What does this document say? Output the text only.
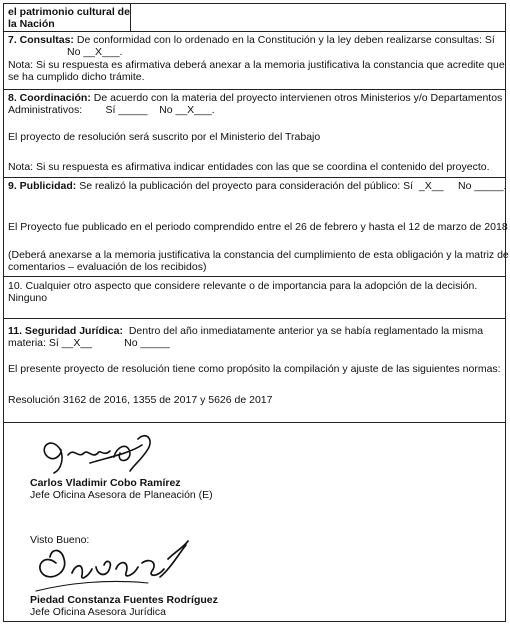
el patrimonio cultural de
la Nación
7. Consultas: De conformidad con lo ordenado en la Constitución y la ley deben realizarse consultas: Sí
No __X___.
Nota: Si su respuesta es afirmativa deberá anexar a la memoria justificativa la constancia que acredite que
se ha cumplido dicho trámite.
8. Coordinación: De acuerdo con la materia del proyecto intervienen otros Ministerios y/o Departamentos
Administrativos:        Sí _____    No __X___.
El proyecto de resolución será suscrito por el Ministerio del Trabajo
Nota: Si su respuesta es afirmativa indicar entidades con las que se coordina el contenido del proyecto.
9. Publicidad: Se realizó la publicación del proyecto para consideración del público: Sí  _X__     No _____.
El Proyecto fue publicado en el periodo comprendido entre el 26 de febrero y hasta el 12 de marzo de 2018
(Deberá anexarse a la memoria justificativa la constancia del cumplimiento de esta obligación y la matriz de
comentarios – evaluación de los recibidos)
10. Cualquier otro aspecto que considere relevante o de importancia para la adopción de la decisión.
Ninguno
11. Seguridad Jurídica: Dentro del año inmediatamente anterior ya se había reglamentado la misma
materia: Sí __X__           No _____
El presente proyecto de resolución tiene como propósito la compilación y ajuste de las siguientes normas:
Resolución 3162 de 2016, 1355 de 2017 y 5626 de 2017
Carlos Vladimir Cobo Ramírez
Jefe Oficina Asesora de Planeación (E)
Visto Bueno:
Piedad Constanza Fuentes Rodríguez
Jefe Oficina Asesora Jurídica
